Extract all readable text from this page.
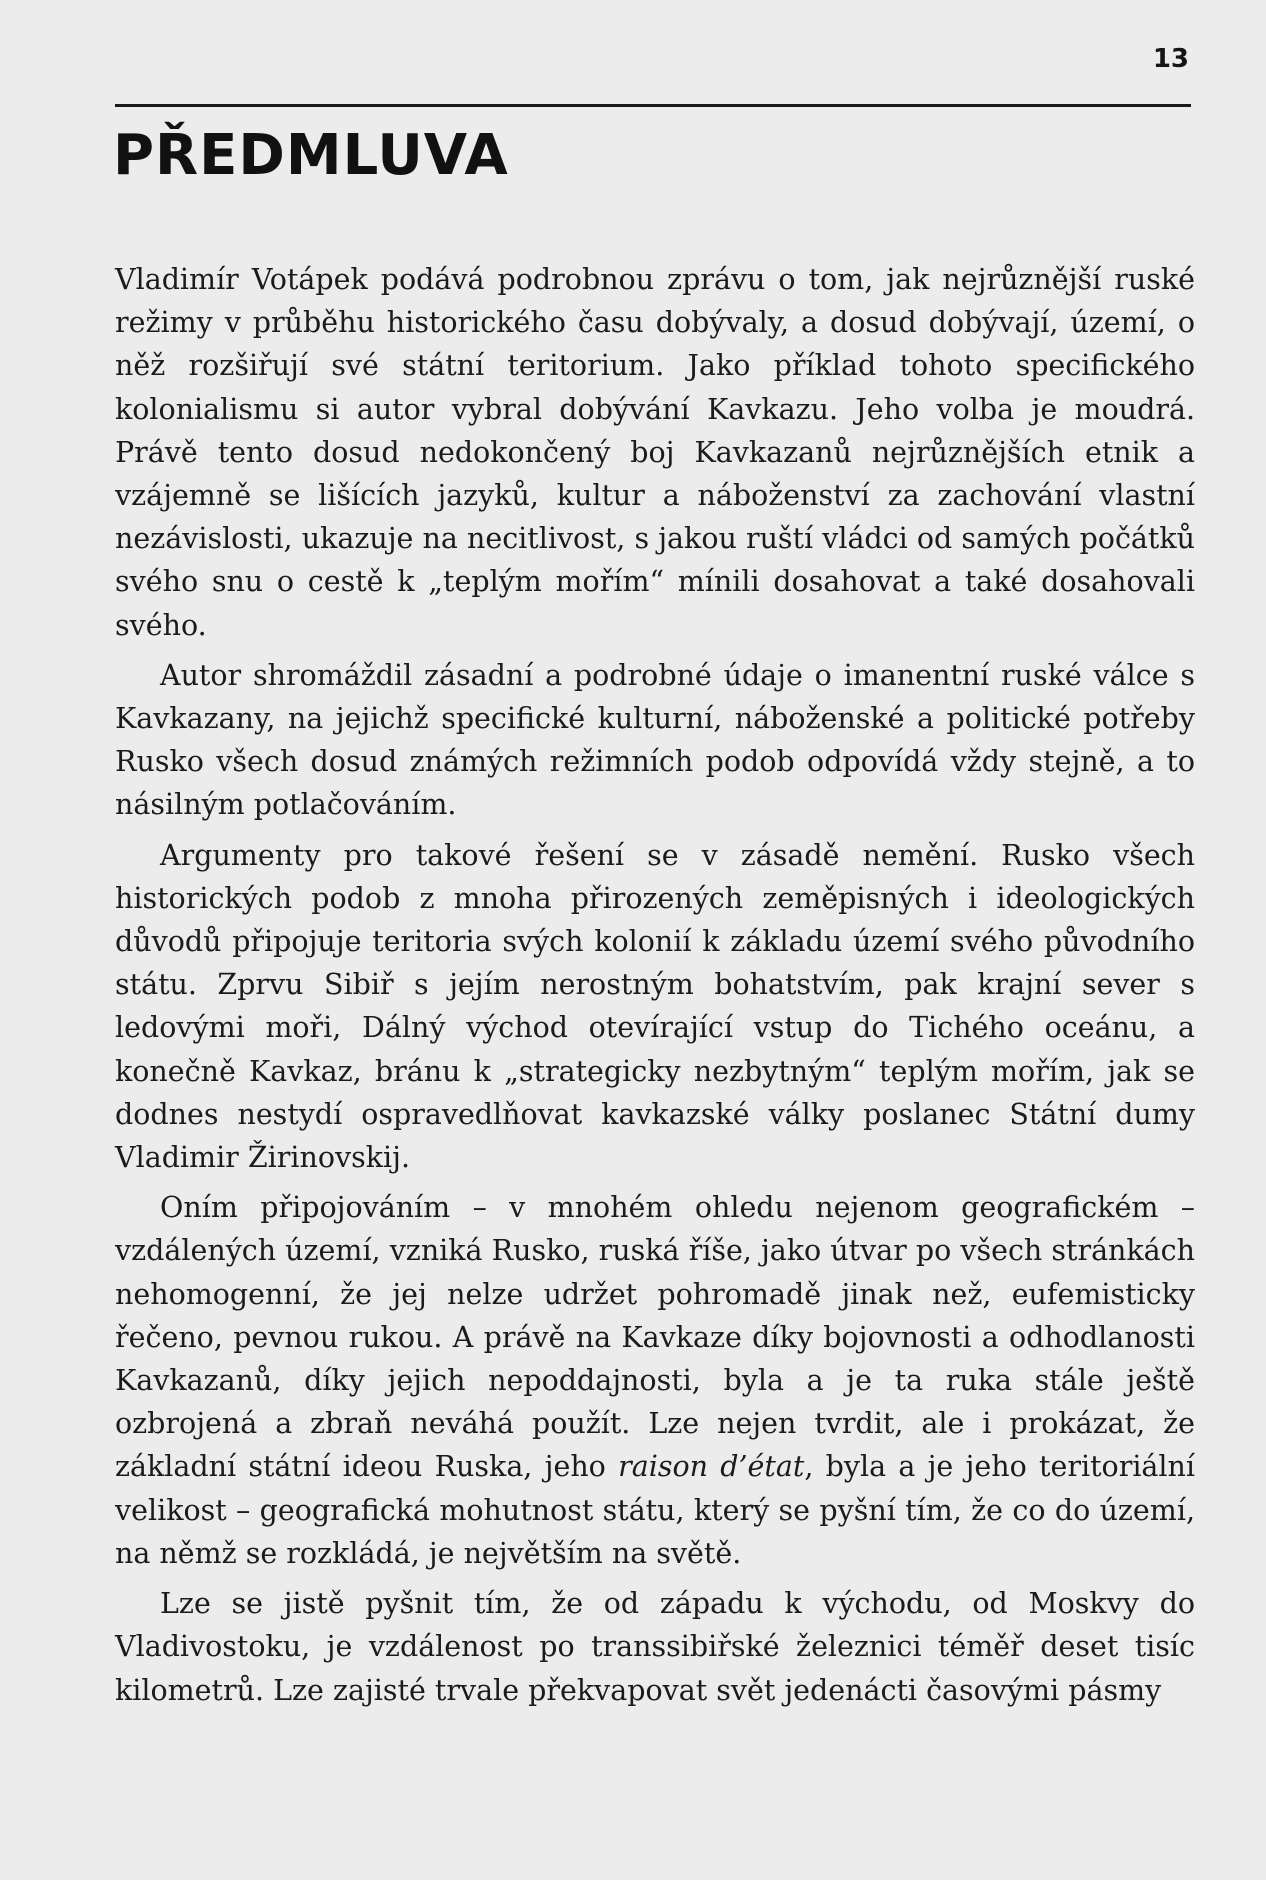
13
PŘEDMLUVA

Vladimír Votápek podává podrobnou zprávu o tom, jak nejrůznější ruské režimy v průběhu historického času dobývaly, a dosud dobývají, území, o něž rozšiřují své státní teritorium. Jako příklad tohoto specifického kolonialismu si autor vybral dobývání Kavkazu. Jeho volba je moudrá. Právě tento dosud nedokončený boj Kavkazanů nejrůznějších etnik a vzájemně se lišících jazyků, kultur a náboženství za zachování vlastní nezávislosti, ukazuje na necitlivost, s jakou ruští vládci od samých počátků svého snu o cestě k „teplým mořím“ mínili dosahovat a také dosahovali svého.

Autor shromáždil zásadní a podrobné údaje o imanentní ruské válce s Kavkazany, na jejichž specifické kulturní, náboženské a politické potřeby Rusko všech dosud známých režimních podob odpovídá vždy stejně, a to násilným potlačováním.

Argumenty pro takové řešení se v zásadě nemění. Rusko všech historických podob z mnoha přirozených zeměpisných i ideologických důvodů připojuje teritoria svých kolonií k základu území svého původního státu. Zprvu Sibiř s jejím nerostným bohatstvím, pak krajní sever s ledovými moři, Dálný východ otevírající vstup do Tichého oceánu, a konečně Kavkaz, bránu k „strategicky nezbytným“ teplým mořím, jak se dodnes nestydí ospravedlňovat kavkazské války poslanec Státní dumy Vladimir Žirinovskij.

Oním připojováním – v mnohém ohledu nejenom geografickém – vzdálených území, vzniká Rusko, ruská říše, jako útvar po všech stránkách nehomogenní, že jej nelze udržet pohromadě jinak než, eufemisticky řečeno, pevnou rukou. A právě na Kavkaze díky bojovnosti a odhodlanosti Kavkazanů, díky jejich nepoddajnosti, byla a je ta ruka stále ještě ozbrojená a zbraň neváhá použít. Lze nejen tvrdit, ale i prokázat, že základní státní ideou Ruska, jeho raison d’état, byla a je jeho teritoriální velikost – geografická mohutnost státu, který se pyšní tím, že co do území, na němž se rozkládá, je největším na světě.

Lze se jistě pyšnit tím, že od západu k východu, od Moskvy do Vladivostoku, je vzdálenost po transsibiřské železnici téměř deset tisíc kilometrů. Lze zajisté trvale překvapovat svět jedenácti časovými pásmy
